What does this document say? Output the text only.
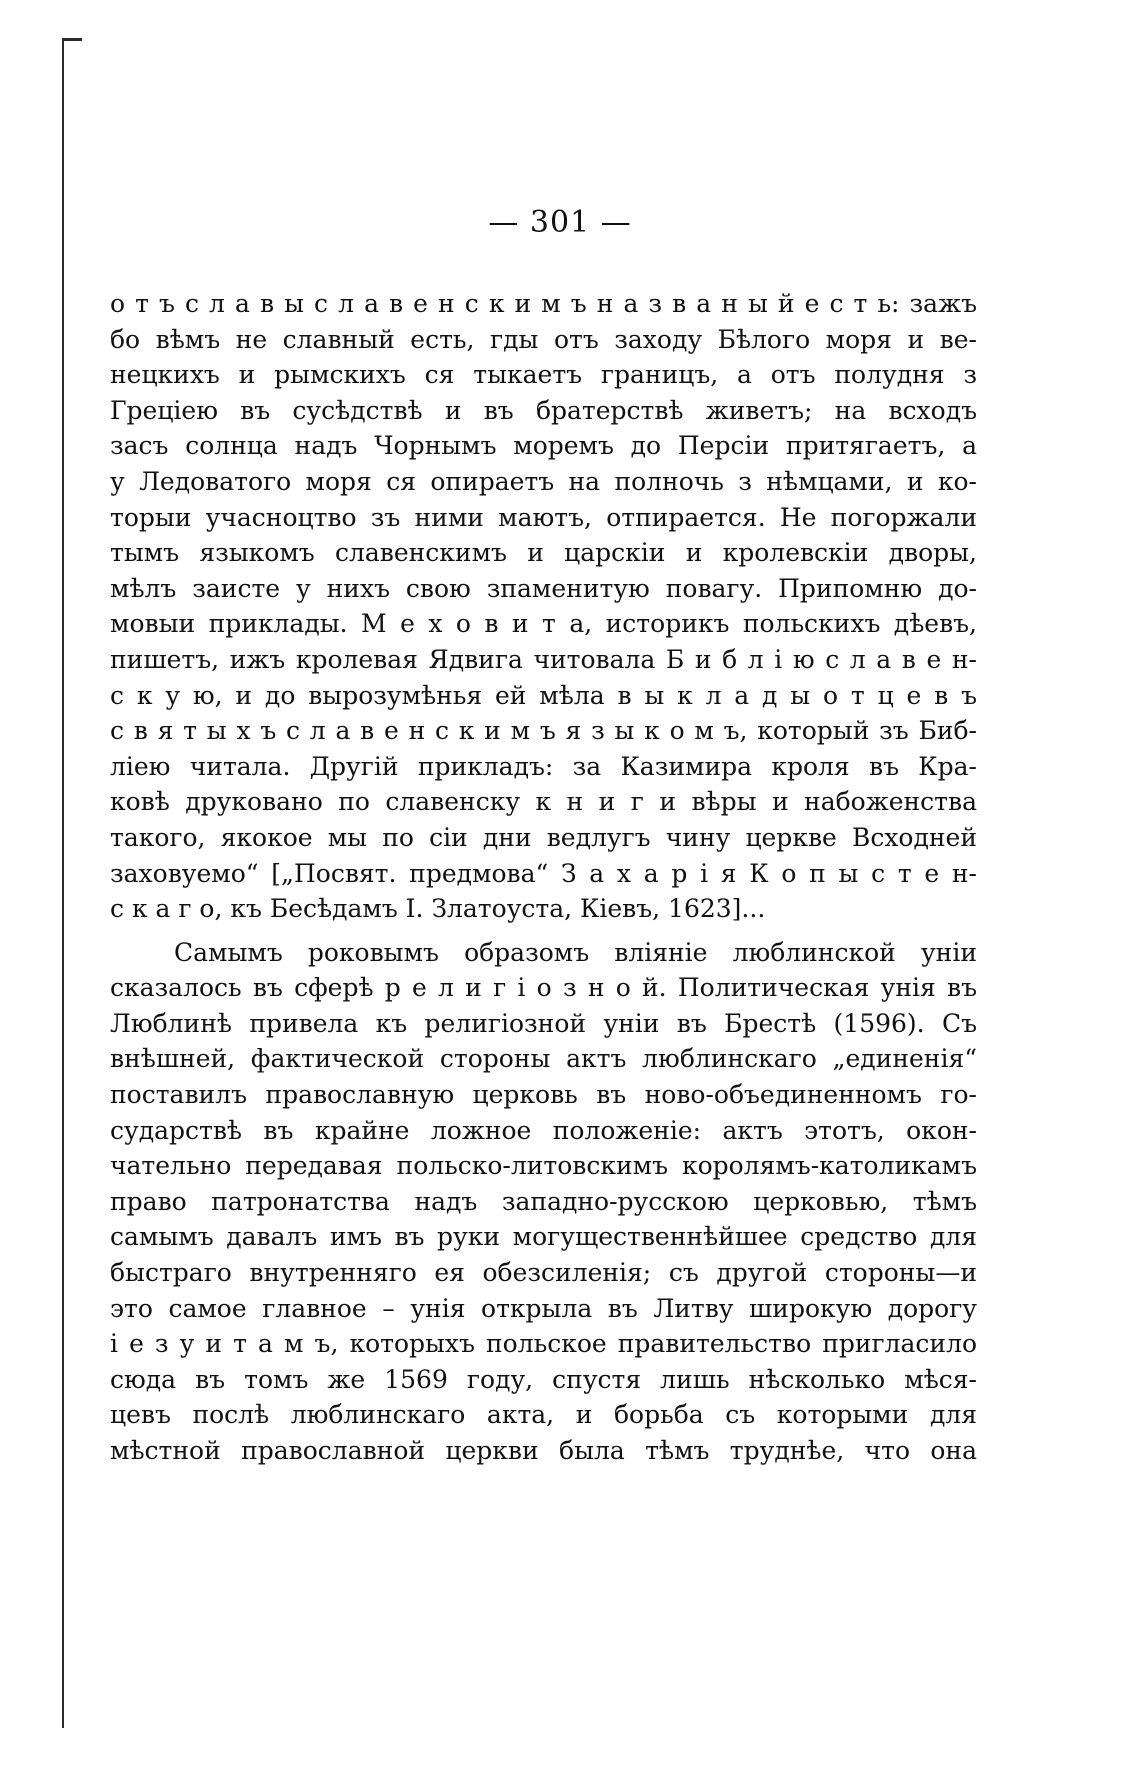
— 301 —
о т ъ с л а в ы с л а в е н с к и м ъ н а з в а н ы й е с т ь: зажъ
бо вѣмъ не славный есть, гды отъ заходу Бѣлого моря и ве-
нецкихъ и рымскихъ ся тыкаетъ границъ, а отъ полудня з
Греціею въ сусѣдствѣ и въ братерствѣ живетъ; на всходъ
засъ солнца надъ Чорнымъ моремъ до Персіи притягаетъ, а
у Ледоватого моря ся опираетъ на полночь з нѣмцами, и ко-
торыи учасноцтво зъ ними маютъ, отпирается. Не погоржали
тымъ языкомъ славенскимъ и царскіи и кролевскіи дворы,
мѣлъ заисте у нихъ свою зпаменитую повагу. Припомню до-
мовыи приклады. М е х о в и т а, историкъ польскихъ дѣевъ,
пишетъ, ижъ кролевая Ядвига читовала Б и б л і ю с л а в е н-
с к у ю, и до вырозумѣнья ей мѣла в ы к л а д ы о т ц е в ъ
с в я т ы х ъ с л а в е н с к и м ъ я з ы к о м ъ, который зъ Биб-
ліею читала. Другій прикладъ: за Казимира кроля въ Кра-
ковѣ друковано по славенску к н и г и вѣры и набоженства
такого, якокое мы по сіи дни ведлугъ чину церкве Всходней
заховуемо“ [„Посвят. предмова“ З а х а р і я К о п ы с т е н-
с к а г о, къ Бесѣдамъ І. Златоуста, Кіевъ, 1623]...
Самымъ роковымъ образомъ вліяніе люблинской уніи
сказалось въ сферѣ р е л и г і о з н о й. Политическая унія въ
Люблинѣ привела къ религіозной уніи въ Брестѣ (1596). Съ
внѣшней, фактической стороны актъ люблинскаго „единенія“
поставилъ православную церковь въ ново-объединенномъ го-
сударствѣ въ крайне ложное положеніе: актъ этотъ, окон-
чательно передавая польско-литовскимъ королямъ-католикамъ
право патронатства надъ западно-русскою церковью, тѣмъ
самымъ давалъ имъ въ руки могущественнѣйшее средство для
быстраго внутренняго ея обезсиленія; съ другой стороны—и
это самое главное – унія открыла въ Литву широкую дорогу
і е з у и т а м ъ, которыхъ польское правительство пригласило
сюда въ томъ же 1569 году, спустя лишь нѣсколько мѣся-
цевъ послѣ люблинскаго акта, и борьба съ которыми для
мѣстной православной церкви была тѣмъ труднѣе, что она
